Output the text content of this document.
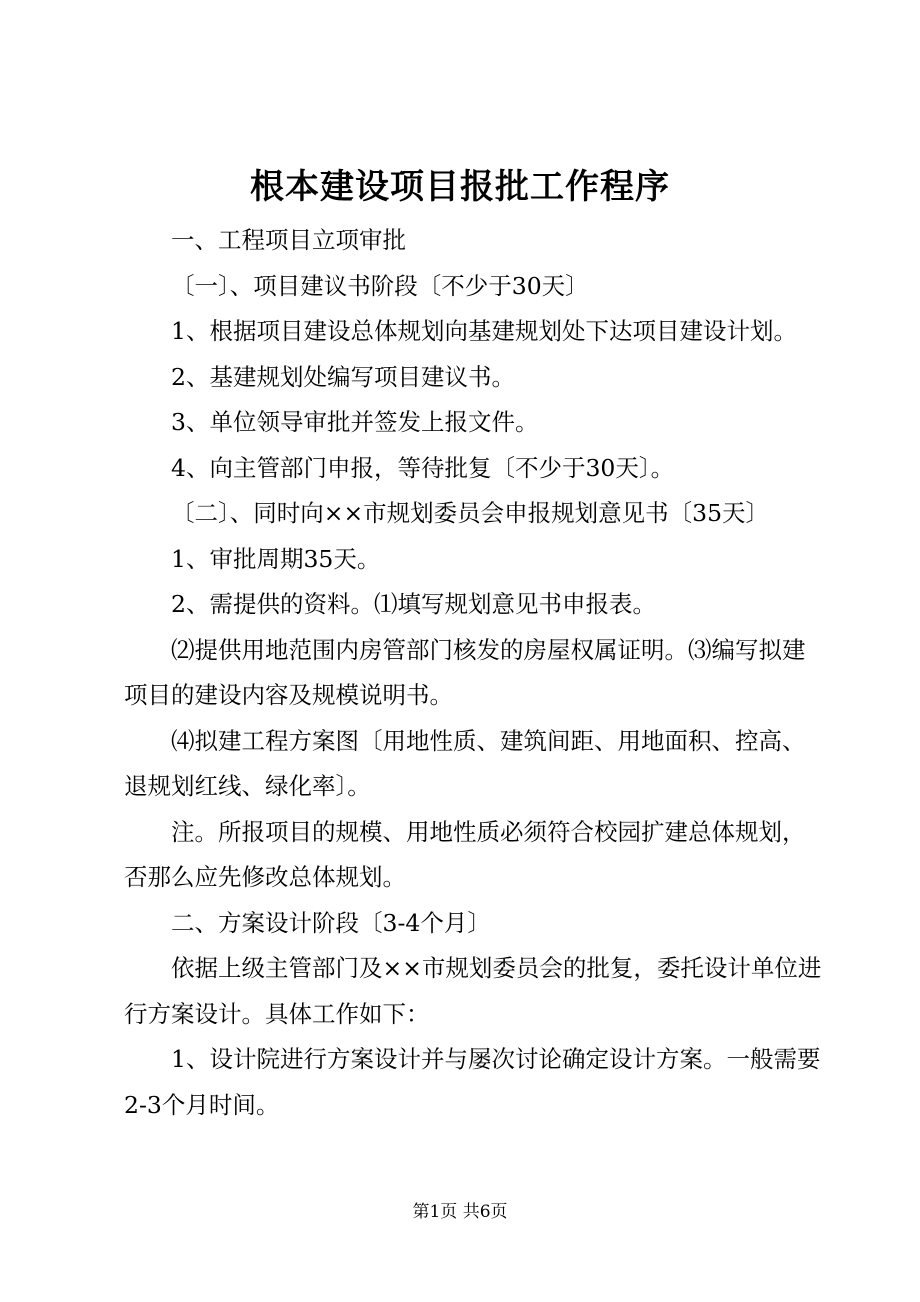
根本建设项目报批工作程序

一、工程项目立项审批

〔一〕、项目建议书阶段〔不少于30天〕

1、根据项目建设总体规划向基建规划处下达项目建设计划。

2、基建规划处编写项目建议书。

3、单位领导审批并签发上报文件。

4、向主管部门申报，等待批复〔不少于30天〕。

〔二〕、同时向××市规划委员会申报规划意见书〔35天〕

1、审批周期35天。

2、需提供的资料。⑴填写规划意见书申报表。

⑵提供用地范围内房管部门核发的房屋权属证明。⑶编写拟建项目的建设内容及规模说明书。

⑷拟建工程方案图〔用地性质、建筑间距、用地面积、控高、退规划红线、绿化率〕。

注。所报项目的规模、用地性质必须符合校园扩建总体规划，否那么应先修改总体规划。

二、方案设计阶段〔3-4个月〕

依据上级主管部门及××市规划委员会的批复，委托设计单位进行方案设计。具体工作如下：

1、设计院进行方案设计并与屡次讨论确定设计方案。一般需要2-3个月时间。

第1页 共6页
